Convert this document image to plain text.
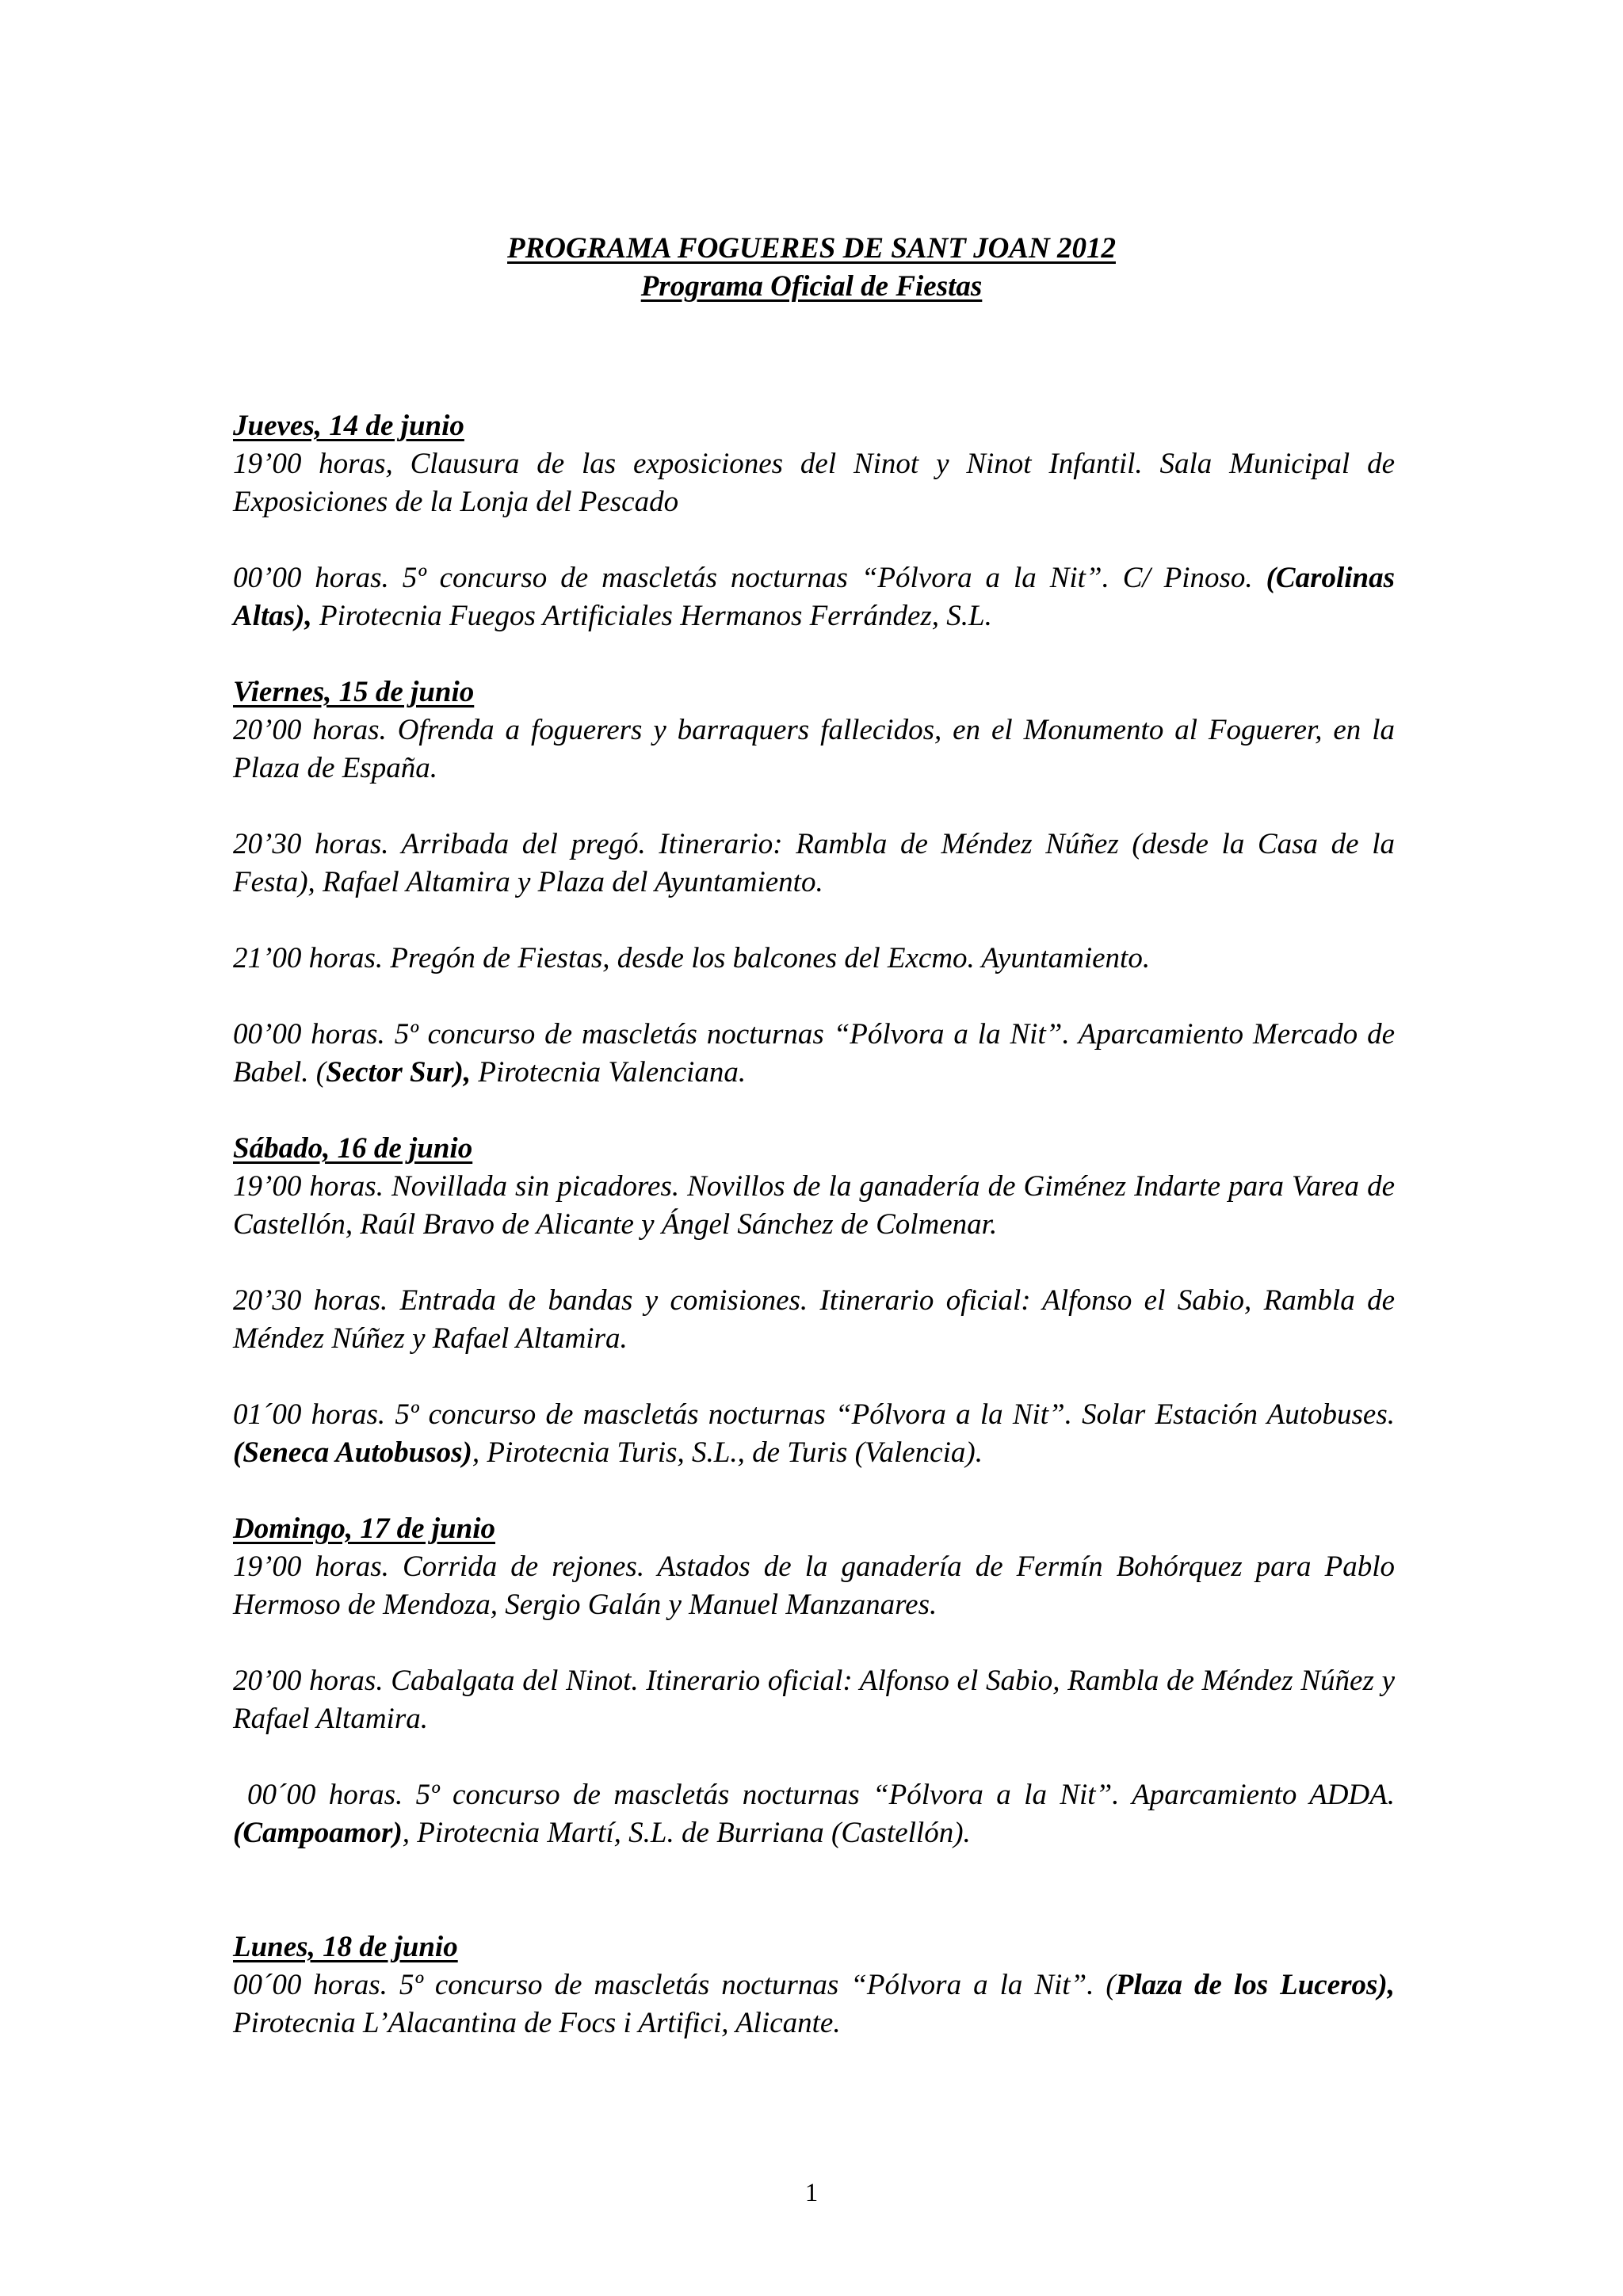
PROGRAMA FOGUERES DE SANT JOAN 2012
Programa Oficial de Fiestas
Jueves, 14 de junio

19’00 horas, Clausura de las exposiciones del Ninot y Ninot Infantil. Sala Municipal de Exposiciones de la Lonja del Pescado

00’00 horas. 5º concurso de mascletás nocturnas “Pólvora a la Nit”. C/ Pinoso. (Carolinas Altas), Pirotecnia Fuegos Artificiales Hermanos Ferrández, S.L.

Viernes, 15 de junio

20’00 horas. Ofrenda a foguerers y barraquers fallecidos, en el Monumento al Foguerer, en la Plaza de España.

20’30 horas. Arribada del pregó. Itinerario: Rambla de Méndez Núñez (desde la Casa de la Festa), Rafael Altamira y Plaza del Ayuntamiento.

21’00 horas. Pregón de Fiestas, desde los balcones del Excmo. Ayuntamiento.

00’00 horas. 5º concurso de mascletás nocturnas “Pólvora a la Nit”. Aparcamiento Mercado de Babel. (Sector Sur), Pirotecnia Valenciana.

Sábado, 16 de junio

19’00 horas. Novillada sin picadores. Novillos de la ganadería de Giménez Indarte para Varea de Castellón, Raúl Bravo de Alicante y Ángel Sánchez de Colmenar.

20’30 horas. Entrada de bandas y comisiones. Itinerario oficial: Alfonso el Sabio, Rambla de Méndez Núñez y Rafael Altamira.

01´00 horas. 5º concurso de mascletás nocturnas “Pólvora a la Nit”. Solar Estación Autobuses. (Seneca Autobusos), Pirotecnia Turis, S.L., de Turis (Valencia).

Domingo, 17 de junio

19’00 horas. Corrida de rejones. Astados de la ganadería de Fermín Bohórquez para Pablo Hermoso de Mendoza, Sergio Galán y Manuel Manzanares.

20’00 horas. Cabalgata del Ninot. Itinerario oficial: Alfonso el Sabio, Rambla de Méndez Núñez y Rafael Altamira.

00´00 horas. 5º concurso de mascletás nocturnas “Pólvora a la Nit”. Aparcamiento ADDA. (Campoamor), Pirotecnia Martí, S.L. de Burriana (Castellón).

Lunes, 18 de junio

00´00 horas. 5º concurso de mascletás nocturnas “Pólvora a la Nit”. (Plaza de los Luceros), Pirotecnia L’Alacantina de Focs i Artifici, Alicante.

1
